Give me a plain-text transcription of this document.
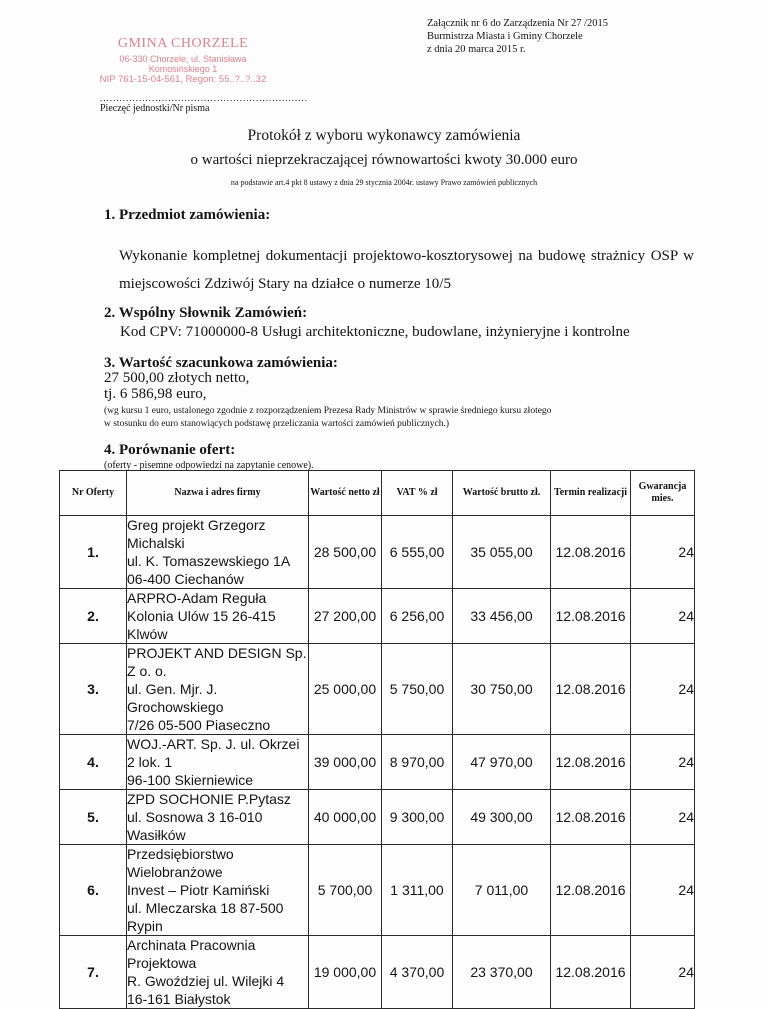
Załącznik nr 6 do Zarządzenia Nr 27 /2015
Burmistrza Miasta i Gminy Chorzele
z dnia 20 marca 2015 r.
GMINA CHORZELE
06-330 Chorzele, ul. Stanisława Komosińskiego 1
NIP 761-15-04-561, Regon: 55..?..?..32
................................................................
Pieczęć jednostki/Nr pisma
Protokół z wyboru wykonawcy zamówienia
o wartości nieprzekraczającej równowartości kwoty 30.000 euro
na podstawie art.4 pkt 8 ustawy z dnia 29 stycznia 2004r. ustawy Prawo zamówień publicznych
1. Przedmiot zamówienia:
Wykonanie kompletnej dokumentacji projektowo-kosztorysowej na budowę strażnicy OSP w miejscowości Zdziwój Stary na działce o numerze 10/5
2. Wspólny Słownik Zamówień:
Kod CPV: 71000000-8 Usługi architektoniczne, budowlane, inżynieryjne i kontrolne
3. Wartość szacunkowa zamówienia:
27 500,00 złotych netto,
tj. 6 586,98 euro,
(wg kursu 1 euro, ustalonego zgodnie z rozporządzeniem Prezesa Rady Ministrów w sprawie średniego kursu złotego
w stosunku do euro stanowiących podstawę przeliczania wartości zamówień publicznych.)
4. Porównanie ofert:
(oferty - pisemne odpowiedzi na zapytanie cenowe).
Nr Oferty	Nazwa i adres firmy	Wartość netto zł	VAT % zł	Wartość brutto zł.	Termin realizacji	Gwarancja mies.
1.	Greg projekt Grzegorz Michalski
ul. K. Tomaszewskiego 1A
06-400 Ciechanów	28 500,00	6 555,00	35 055,00	12.08.2016	24
2.	ARPRO-Adam Reguła
Kolonia Ulów 15 26-415 Klwów	27 200,00	6 256,00	33 456,00	12.08.2016	24
3.	PROJEKT AND DESIGN Sp. Z o. o.
ul. Gen. Mjr. J. Grochowskiego
7/26 05-500 Piaseczno	25 000,00	5 750,00	30 750,00	12.08.2016	24
4.	WOJ.-ART. Sp. J. ul. Okrzei 2 lok. 1
96-100 Skierniewice	39 000,00	8 970,00	47 970,00	12.08.2016	24
5.	ZPD SOCHONIE P.Pytasz
ul. Sosnowa 3 16-010 Wasiłków	40 000,00	9 300,00	49 300,00	12.08.2016	24
6.	Przedsiębiorstwo Wielobranżowe
Invest – Piotr Kamiński
ul. Mleczarska 18 87-500 Rypin	5 700,00	1 311,00	7 011,00	12.08.2016	24
7.	Archinata Pracownia Projektowa
R. Gwoździej ul. Wilejki 4
16-161 Białystok	19 000,00	4 370,00	23 370,00	12.08.2016	24
